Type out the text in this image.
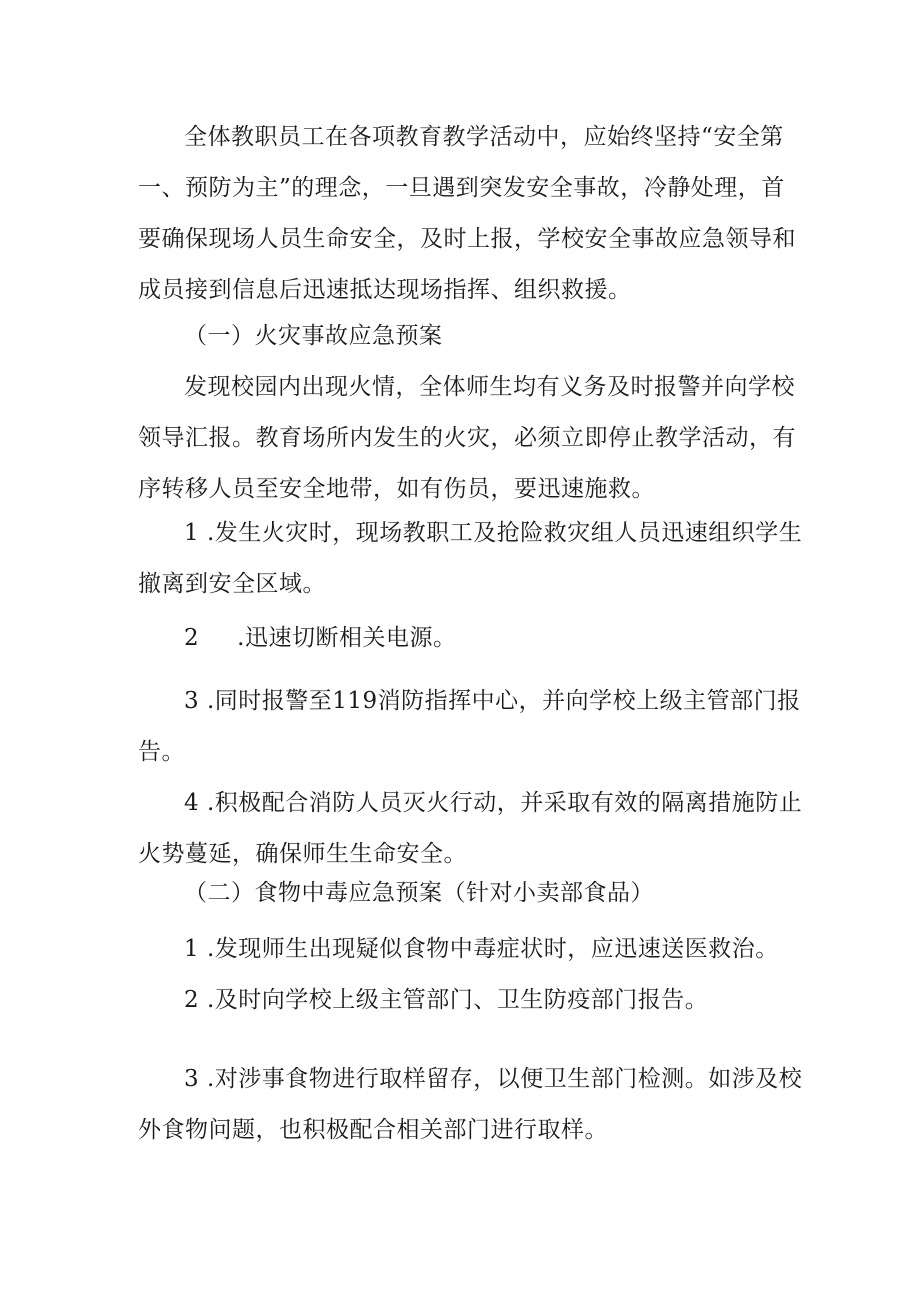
全体教职员工在各项教育教学活动中，应始终坚持“安全第
一、预防为主”的理念，一旦遇到突发安全事故，冷静处理，首
要确保现场人员生命安全，及时上报，学校安全事故应急领导和
成员接到信息后迅速抵达现场指挥、组织救援。
（一）火灾事故应急预案
发现校园内出现火情，全体师生均有义务及时报警并向学校
领导汇报。教育场所内发生的火灾，必须立即停止教学活动，有
序转移人员至安全地带，如有伤员，要迅速施救。
1 .发生火灾时，现场教职工及抢险救灾组人员迅速组织学生
撤离到安全区域。
2 .迅速切断相关电源。
3 .同时报警至119消防指挥中心，并向学校上级主管部门报
告。
4 .积极配合消防人员灭火行动，并采取有效的隔离措施防止
火势蔓延，确保师生生命安全。
（二）食物中毒应急预案（针对小卖部食品）
1 .发现师生出现疑似食物中毒症状时，应迅速送医救治。
2 .及时向学校上级主管部门、卫生防疫部门报告。
3 .对涉事食物进行取样留存，以便卫生部门检测。如涉及校
外食物问题，也积极配合相关部门进行取样。
